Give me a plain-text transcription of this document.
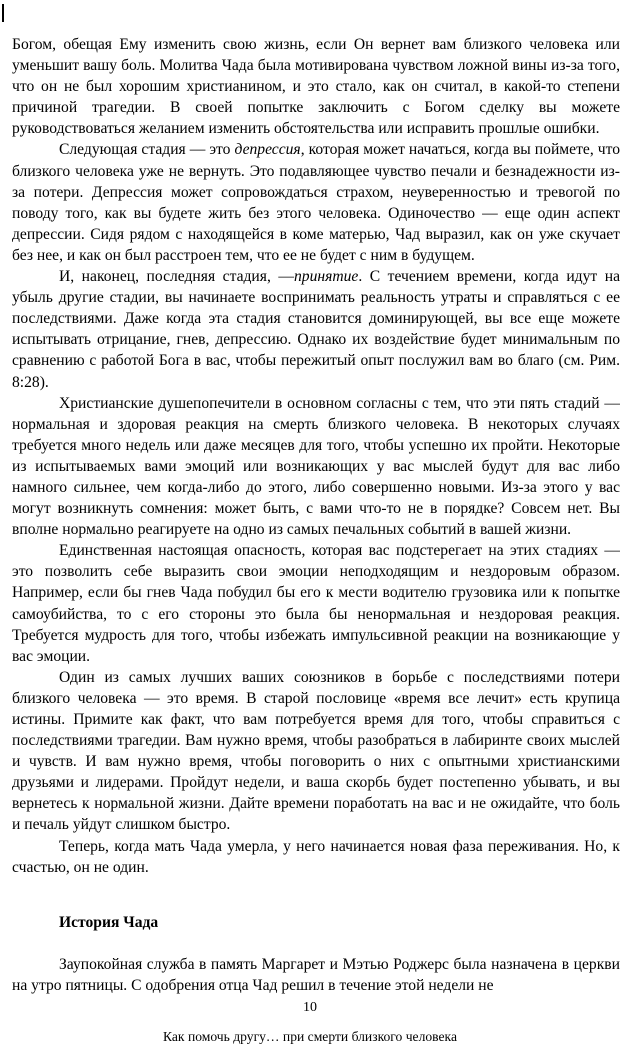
Богом, обещая Ему изменить свою жизнь, если Он вернет вам близкого человека или уменьшит вашу боль. Молитва Чада была мотивирована чувством ложной вины из-за того, что он не был хорошим христианином, и это стало, как он считал, в какой-то степени причиной трагедии. В своей попытке заключить с Богом сделку вы можете руководствоваться желанием изменить обстоятельства или исправить прошлые ошибки.

Следующая стадия — это депрессия, которая может начаться, когда вы поймете, что близкого человека уже не вернуть. Это подавляющее чувство печали и безнадежности из-за потери. Депрессия может сопровождаться страхом, неуверенностью и тревогой по поводу того, как вы будете жить без этого человека. Одиночество — еще один аспект депрессии. Сидя рядом с находящейся в коме матерью, Чад выразил, как он уже скучает без нее, и как он был расстроен тем, что ее не будет с ним в будущем.

И, наконец, последняя стадия, —принятие. С течением времени, когда идут на убыль другие стадии, вы начинаете воспринимать реальность утраты и справляться с ее последствиями. Даже когда эта стадия становится доминирующей, вы все еще можете испытывать отрицание, гнев, депрессию. Однако их воздействие будет минимальным по сравнению с работой Бога в вас, чтобы пережитый опыт послужил вам во благо (см. Рим. 8:28).

Христианские душепопечители в основном согласны с тем, что эти пять стадий — нормальная и здоровая реакция на смерть близкого человека. В некоторых случаях требуется много недель или даже месяцев для того, чтобы успешно их пройти. Некоторые из испытываемых вами эмоций или возникающих у вас мыслей будут для вас либо намного сильнее, чем когда-либо до этого, либо совершенно новыми. Из-за этого у вас могут возникнуть сомнения: может быть, с вами что-то не в порядке? Совсем нет. Вы вполне нормально реагируете на одно из самых печальных событий в вашей жизни.

Единственная настоящая опасность, которая вас подстерегает на этих стадиях — это позволить себе выразить свои эмоции неподходящим и нездоровым образом. Например, если бы гнев Чада побудил бы его к мести водителю грузовика или к попытке самоубийства, то с его стороны это была бы ненормальная и нездоровая реакция. Требуется мудрость для того, чтобы избежать импульсивной реакции на возникающие у вас эмоции.

Один из самых лучших ваших союзников в борьбе с последствиями потери близкого человека — это время. В старой пословице «время все лечит» есть крупица истины. Примите как факт, что вам потребуется время для того, чтобы справиться с последствиями трагедии. Вам нужно время, чтобы разобраться в лабиринте своих мыслей и чувств. И вам нужно время, чтобы поговорить о них с опытными христианскими друзьями и лидерами. Пройдут недели, и ваша скорбь будет постепенно убывать, и вы вернетесь к нормальной жизни. Дайте времени поработать на вас и не ожидайте, что боль и печаль уйдут слишком быстро.

Теперь, когда мать Чада умерла, у него начинается новая фаза переживания. Но, к счастью, он не один.

История Чада

Заупокойная служба в память Маргарет и Мэтью Роджерс была назначена в церкви на утро пятницы. С одобрения отца Чад решил в течение этой недели не

10
Как помочь другу… при смерти близкого человека
